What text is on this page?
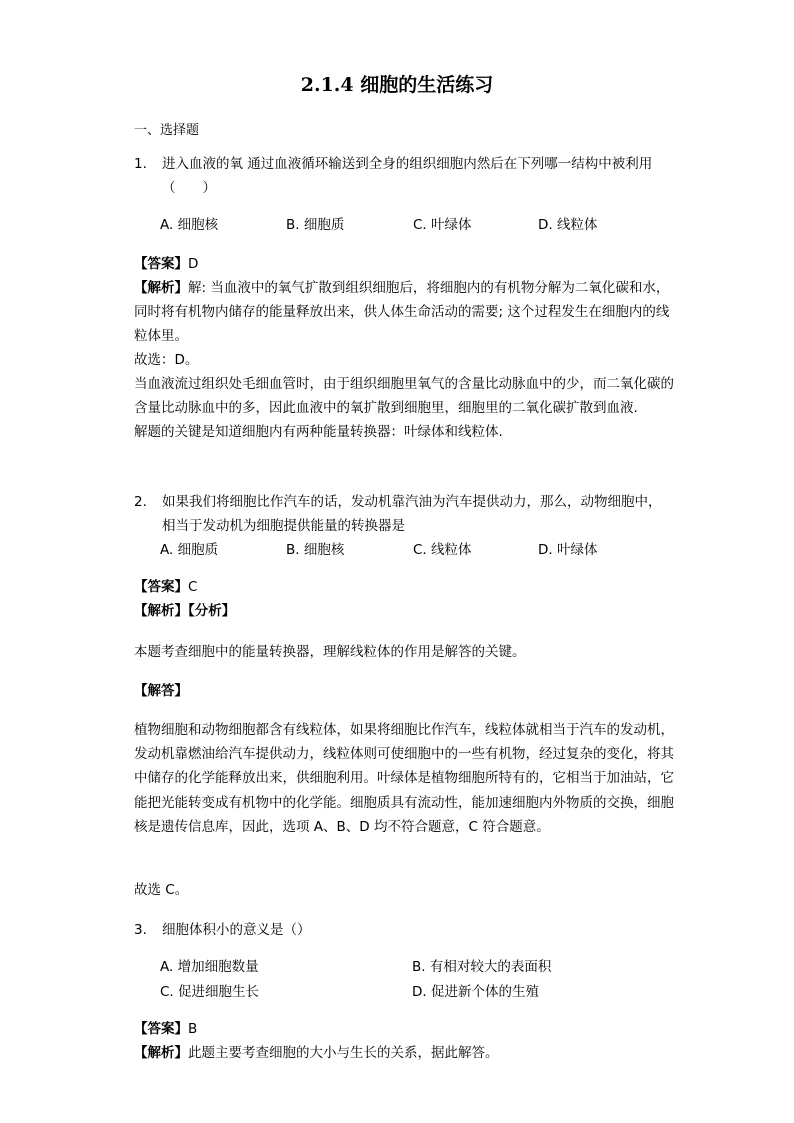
2.1.4 细胞的生活练习
一、选择题
1. 进入血液的氧 通过血液循环输送到全身的组织细胞内然后在下列哪一结构中被利用（　　）

A. 细胞核	B. 细胞质	C. 叶绿体	D. 线粒体

【答案】D

【解析】解: 当血液中的氧气扩散到组织细胞后，将细胞内的有机物分解为二氧化碳和水，同时将有机物内储存的能量释放出来，供人体生命活动的需要; 这个过程发生在细胞内的线粒体里。

故选：D。

当血液流过组织处毛细血管时，由于组织细胞里氧气的含量比动脉血中的少，而二氧化碳的含量比动脉血中的多，因此血液中的氧扩散到细胞里，细胞里的二氧化碳扩散到血液.

解题的关键是知道细胞内有两种能量转换器：叶绿体和线粒体.

2. 如果我们将细胞比作汽车的话，发动机靠汽油为汽车提供动力，那么，动物细胞中，相当于发动机为细胞提供能量的转换器是

A. 细胞质	B. 细胞核	C. 线粒体	D. 叶绿体

【答案】C

【解析】【分析】

本题考查细胞中的能量转换器，理解线粒体的作用是解答的关键。
【解答】
植物细胞和动物细胞都含有线粒体，如果将细胞比作汽车，线粒体就相当于汽车的发动机，发动机靠燃油给汽车提供动力，线粒体则可使细胞中的一些有机物，经过复杂的变化，将其中储存的化学能释放出来，供细胞利用。叶绿体是植物细胞所特有的，它相当于加油站，它能把光能转变成有机物中的化学能。细胞质具有流动性，能加速细胞内外物质的交换，细胞核是遗传信息库，因此，选项 A、B、D 均不符合题意，C 符合题意。
故选 C。
3. 细胞体积小的意义是（）

A. 增加细胞数量	B. 有相对较大的表面积
C. 促进细胞生长	D. 促进新个体的生殖

【答案】B

【解析】此题主要考查细胞的大小与生长的关系，据此解答。
